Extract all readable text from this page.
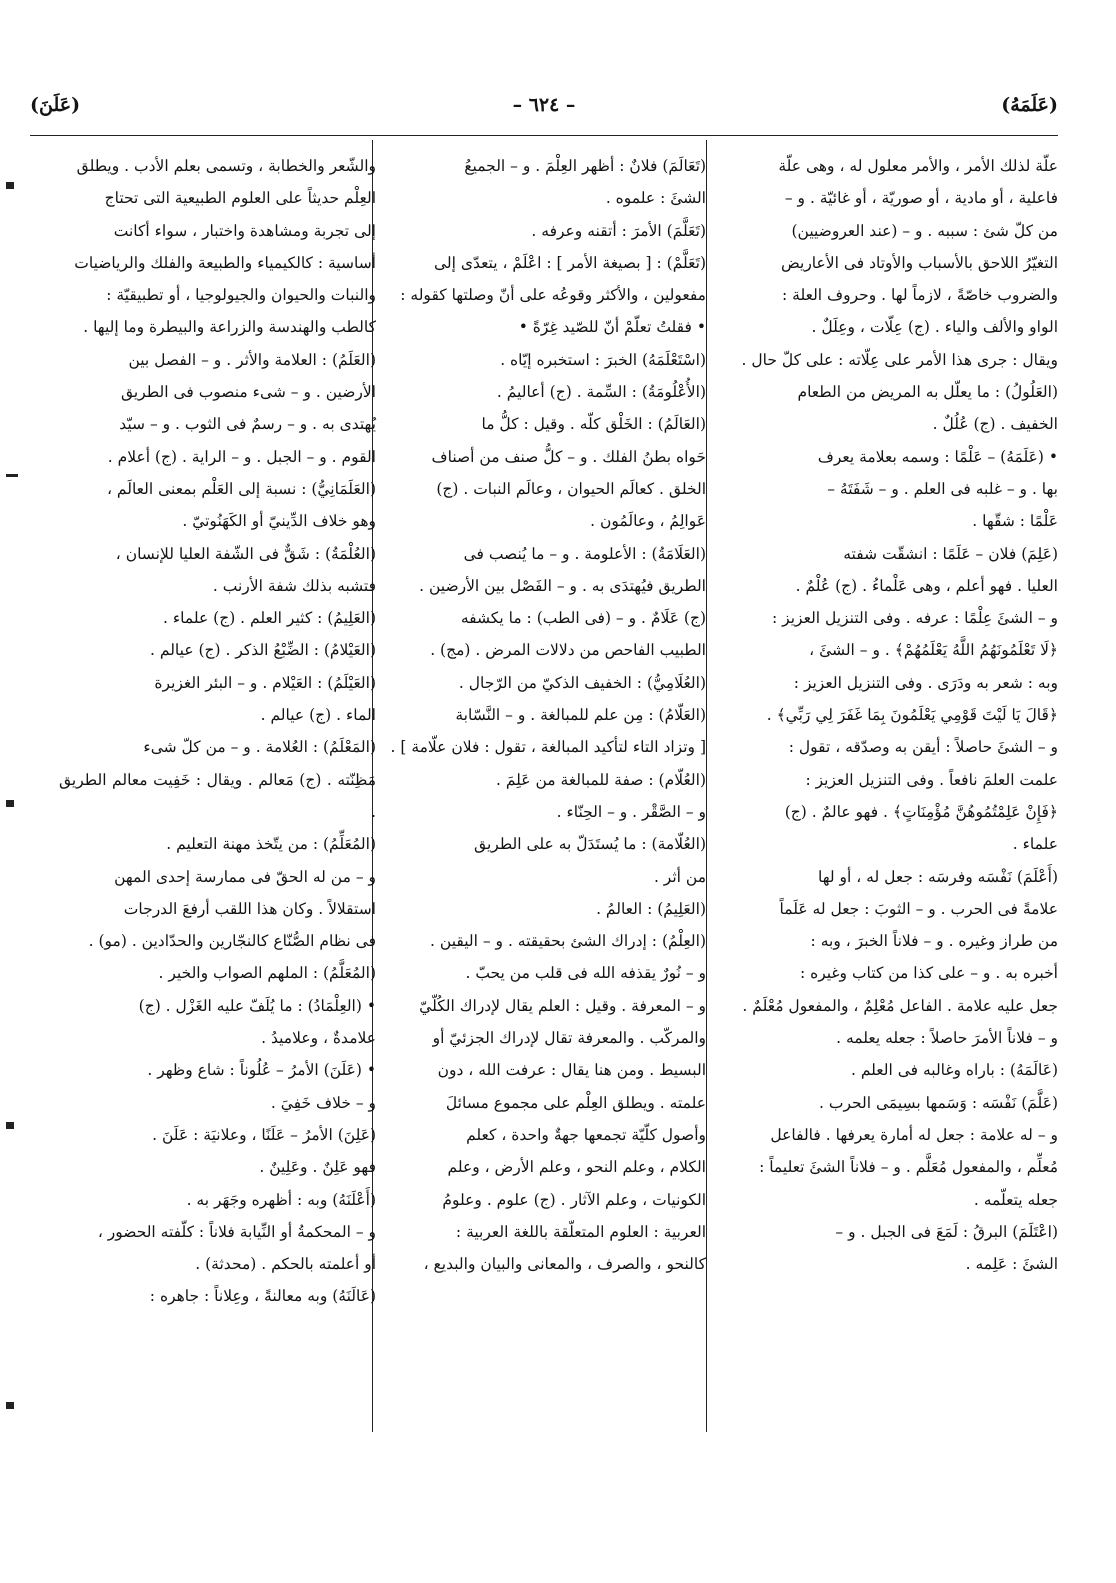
(عَلَمَهُ)
– ٦٢٤ –
(عَلَنَ)

علّة لذلك الأمر ، والأمر معلول له ، وهى علّة

فاعلية ، أو مادية ، أو صوريّة ، أو غائيّة . و –

من كلّ شئ : سببه . و – (عند العروضيين)

التغيّرُ اللاحق بالأسباب والأوتاد فى الأعاريض

والضروب خاصّةً ، لازماً لها . وحروف العلة :

الواو والألف والياء . (ج) عِلّات ، وعِلَلٌ .

ويقال : جرى هذا الأمر على عِلّاته : على كلّ حال .

(العَلُولُ) : ما يعلّل به المريض من الطعام

الخفيف . (ج) عُلُلٌ .

• (عَلَمَهُ) – عَلْمًا : وسمه بعلامة يعرف

بها . و – غلبه فى العلم . و – شَفَتَهُ –

عَلْمًا : شقّها .

(عَلِمَ) فلان – عَلَمًا : انشقّت شفته

العليا . فهو أعلم ، وهى عَلْماءُ . (ج) عُلْمٌ .

و – الشئَ عِلْمًا : عرفه . وفى التنزيل العزيز :

﴿لَا تَعْلَمُونَهُمُ اللَّهُ يَعْلَمُهُمْ﴾ . و – الشئَ ،

وبه : شعر به ودَرَى . وفى التنزيل العزيز :

﴿قَالَ يَا لَيْتَ قَوْمِي يَعْلَمُونَ بِمَا غَفَرَ لِي رَبِّي﴾ .

و – الشئَ حاصلاً : أيقن به وصدّقه ، تقول :

علمت العلمَ نافعاً . وفى التنزيل العزيز :

﴿فَإِنْ عَلِمْتُمُوهُنَّ مُؤْمِنَاتٍ﴾ . فهو عالمٌ . (ج)

علماء .

(أَعْلَمَ) نَفْسَه وفرسَه : جعل له ، أو لها

علامةً فى الحرب . و – الثوبَ : جعل له عَلَماً

من طراز وغيره . و – فلاناً الخبرَ ، وبه :

أخبره به . و – على كذا من كتاب وغيره :

جعل عليه علامة . الفاعل مُعْلِمٌ ، والمفعول مُعْلَمٌ .

و – فلاناً الأمرَ حاصلاً : جعله يعلمه .

(عَالَمَهُ) : باراه وغالبه فى العلم .

(عَلَّمَ) نَفْسَه : وَسَمها بسِيمَى الحرب .

و – له علامة : جعل له أمارة يعرفها . فالفاعل

مُعلِّم ، والمفعول مُعَلَّم . و – فلاناً الشئَ تعليماً :

جعله يتعلّمه .

(اعْتَلَمَ) البرقُ : لَمَعَ فى الجبل . و –

الشئَ : عَلِمه .

(تَعَالَمَ) فلانٌ : أظهر العِلْمَ . و – الجميعُ

الشئَ : علموه .

(تَعَلَّمَ) الأمرَ : أتقنه وعرفه .

(تَعَلَّمْ) : [ بصيغة الأمر ] : اعْلَمْ ، يتعدّى إلى

مفعولين ، والأكثر وقوعُه على أنّ وصلتها كقوله :

• فقلتُ تعلّمْ أنّ للصّيد غِرّةً •

(اسْتَعْلَمَهُ) الخبرَ : استخبره إيّاه .

(الأُعْلُومَةُ) : السِّمة . (ج) أعاليمُ .

(العَالَمُ) : الخَلْق كلّه . وقيل : كلُّ ما

حَواه بطنُ الفلك . و – كلُّ صنف من أصناف

الخلق . كعالَم الحيوان ، وعالَم النبات . (ج)

عَوالِمُ ، وعالَمُون .

(العَلَامَةُ) : الأعلومة . و – ما يُنصب فى

الطريق فيُهتدَى به . و – الفَصْل بين الأرضين .

(ج) عَلَامٌ . و – (فى الطب) : ما يكشفه

الطبيب الفاحص من دلالات المرض . (مج) .

(العُلَامِيُّ) : الخفيف الذكيّ من الرّجال .

(العَلّامُ) : مِن علم للمبالغة . و – النَّسّابة

[ وتزاد التاء لتأكيد المبالغة ، تقول : فلان علّامة ] .

(العُلّام) : صفة للمبالغة من عَلِمَ .

و – الصَّقْر . و – الحِنّاء .

(العُلّامة) : ما يُستَدَلّ به على الطريق

من أثر .

(العَلِيمُ) : العالمُ .

(العِلْمُ) : إدراك الشئ بحقيقته . و – اليقين .

و – نُورٌ يقذفه الله فى قلب من يحبّ .

و – المعرفة . وقيل : العلم يقال لإدراك الكُلّيّ

والمركّب . والمعرفة تقال لإدراك الجزئيّ أو

البسيط . ومن هنا يقال : عرفت الله ، دون

علمته . ويطلق العِلْم على مجموع مسائلَ

وأصول كلّيّة تجمعها جهةٌ واحدة ، كعلم

الكلام ، وعلم النحو ، وعلم الأرض ، وعلم

الكونيات ، وعلم الآثار . (ج) علوم . وعلومُ

العربية : العلوم المتعلّقة باللغة العربية :

كالنحو ، والصرف ، والمعانى والبيان والبديع ،

والشّعر والخطابة ، وتسمى بعلم الأدب . ويطلق

العِلْم حديثاً على العلوم الطبيعية التى تحتاج

إلى تجربة ومشاهدة واختبار ، سواء أكانت

أساسية : كالكيمياء والطبيعة والفلك والرياضيات

والنبات والحيوان والجيولوجيا ، أو تطبيقيّة :

كالطب والهندسة والزراعة والبيطرة وما إليها .

(العَلَمُ) : العلامة والأثر . و – الفصل بين

الأرضين . و – شىء منصوب فى الطريق

يُهتدى به . و – رسمٌ فى الثوب . و – سيّد

القوم . و – الجبل . و – الراية . (ج) أعلام .

(العَلَمَانِيُّ) : نسبة إلى العَلْم بمعنى العالَم ،

وهو خلاف الدِّينيّ أو الكَهَنُوتيّ .

(العُلْمَةُ) : شَقٌّ فى الشّفة العليا للإنسان ،

فتشبه بذلك شفة الأرنب .

(العَلِيمُ) : كثير العلم . (ج) علماء .

(العَيْلامُ) : الضِّبْعُ الذكر . (ج) عيالم .

(العَيْلَمُ) : العَيْلام . و – البئر الغزيرة

الماء . (ج) عيالم .

(المَعْلَمُ) : العُلامة . و – من كلّ شىء

مَظِنّته . (ج) مَعالم . ويقال : خَفِيت معالم الطريق .

(المُعَلِّمُ) : من يتّخذ مهنة التعليم .

و – من له الحقّ فى ممارسة إحدى المهن

استقلالاً . وكان هذا اللقب أرفعَ الدرجات

فى نظام الصُّنّاع كالنجّارين والحدّادين . (مو) .

(المُعَلَّمُ) : الملهم الصواب والخير .

• (العِلْمَادُ) : ما يُلَفّ عليه الغَزْل . (ج)

علامدةٌ ، وعلاميدُ .

• (عَلَنَ) الأمرُ – عُلُوناً : شاع وظهر .

و – خلاف خَفِيَ .

(عَلِنَ) الأمرُ – عَلَنًا ، وعلانيَة : عَلَنَ .

فهو عَلِنٌ . وعَلِينٌ .

(أَعْلَنَهُ) وبه : أظهره وجَهَر به .

و – المحكمةُ أو النِّيابة فلاناً : كلّفته الحضور ،

أو أعلمته بالحكم . (محدثة) .

(عَالَنَهُ) وبه معالنةً ، وعِلاناً : جاهره :
